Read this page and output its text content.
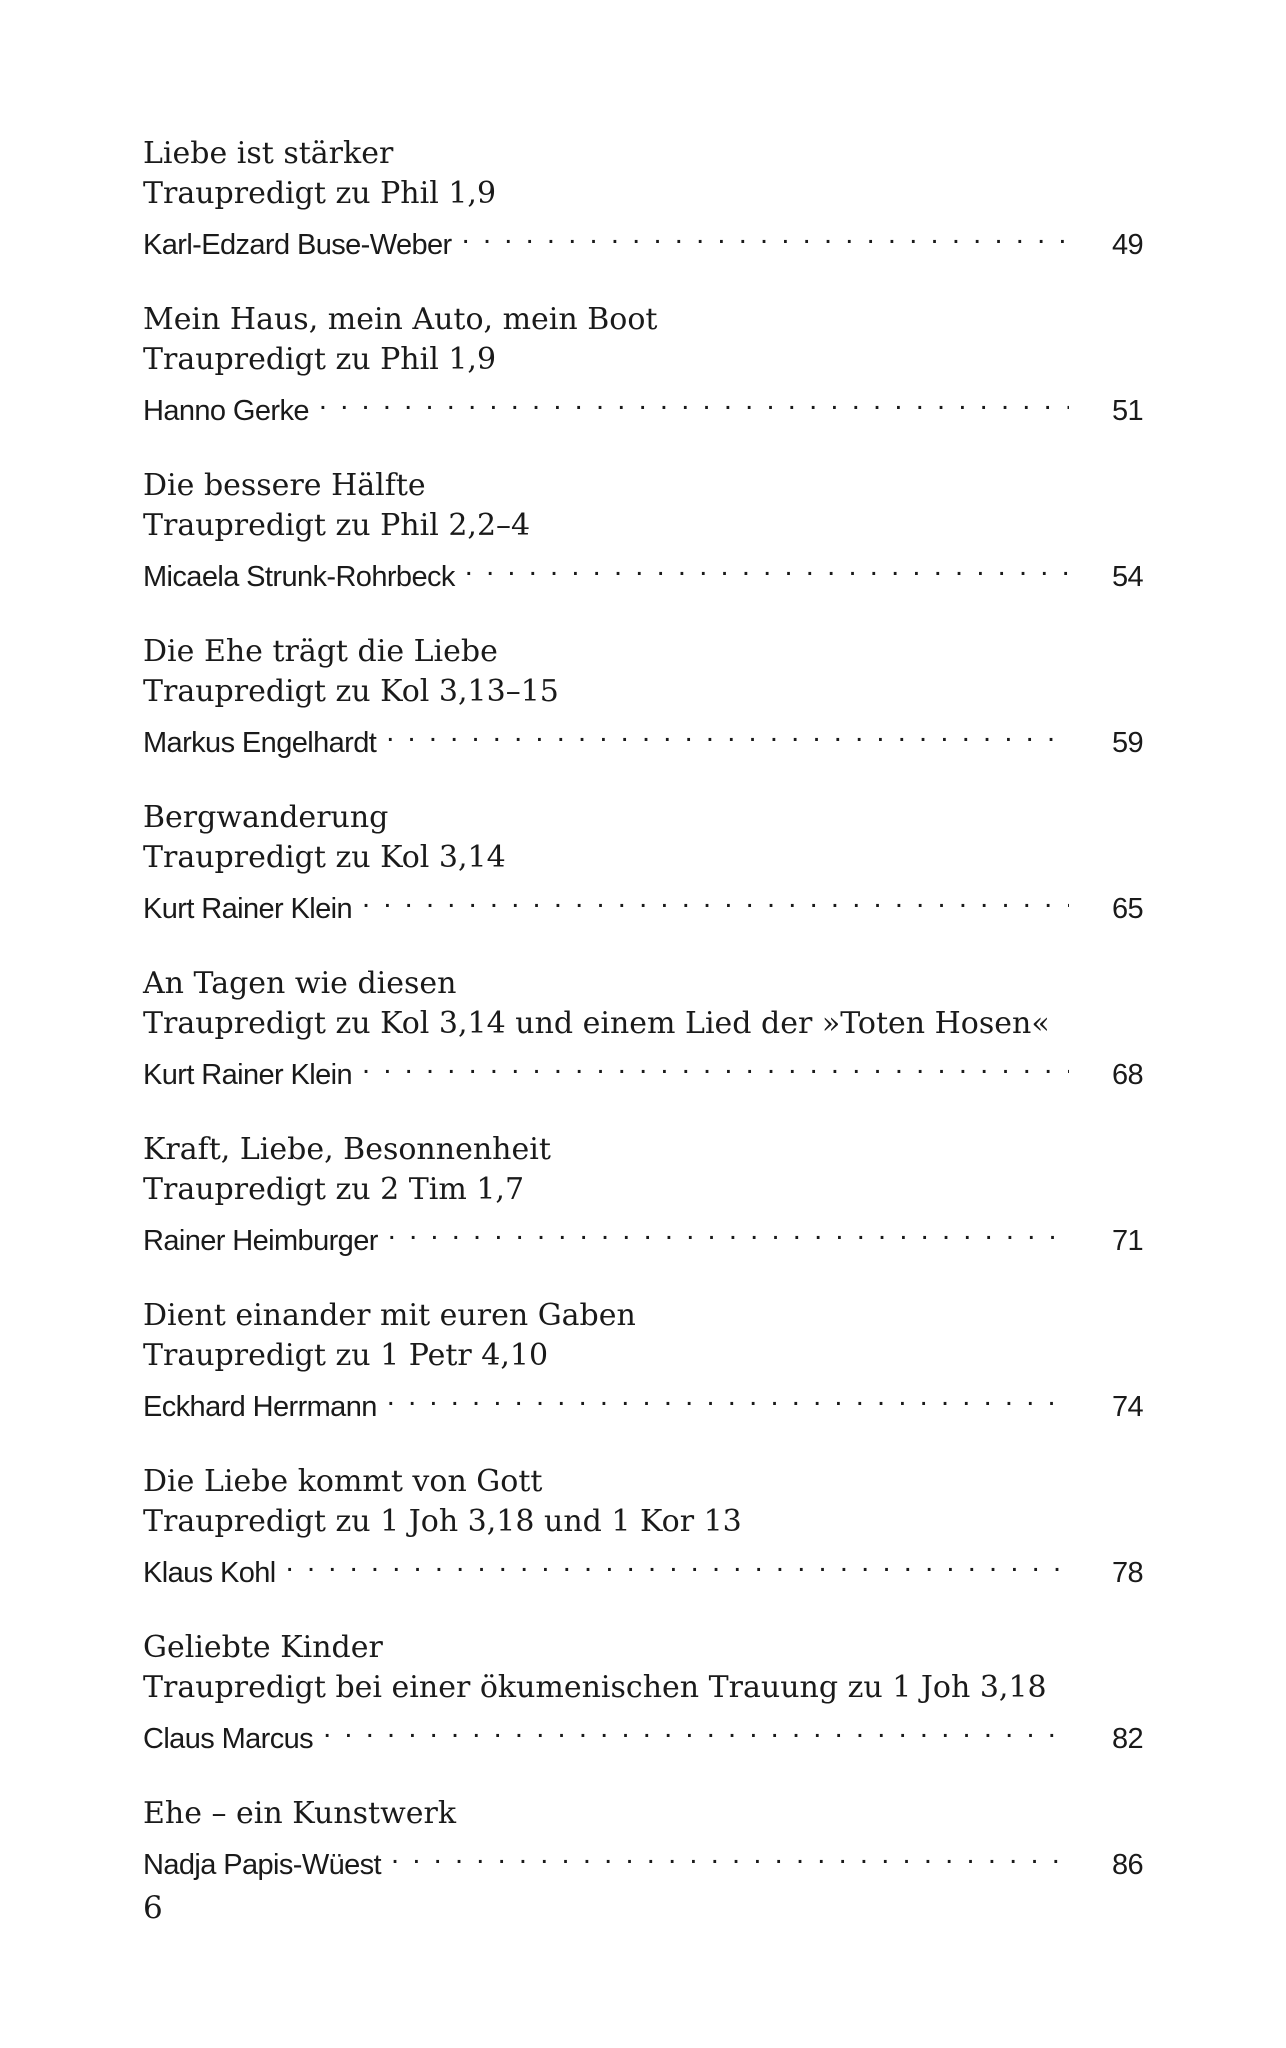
Liebe ist stärker
Traupredigt zu Phil 1,9
Karl-Edzard Buse-Weber . . .	49
Mein Haus, mein Auto, mein Boot
Traupredigt zu Phil 1,9
Hanno Gerke . . .	51
Die bessere Hälfte
Traupredigt zu Phil 2,2–4
Micaela Strunk-Rohrbeck . . .	54
Die Ehe trägt die Liebe
Traupredigt zu Kol 3,13–15
Markus Engelhardt . . .	59
Bergwanderung
Traupredigt zu Kol 3,14
Kurt Rainer Klein . . .	65
An Tagen wie diesen
Traupredigt zu Kol 3,14 und einem Lied der »Toten Hosen«
Kurt Rainer Klein . . .	68
Kraft, Liebe, Besonnenheit
Traupredigt zu 2 Tim 1,7
Rainer Heimburger . . .	71
Dient einander mit euren Gaben
Traupredigt zu 1 Petr 4,10
Eckhard Herrmann . . .	74
Die Liebe kommt von Gott
Traupredigt zu 1 Joh 3,18 und 1 Kor 13
Klaus Kohl . . .	78
Geliebte Kinder
Traupredigt bei einer ökumenischen Trauung zu 1 Joh 3,18
Claus Marcus . . .	82
Ehe – ein Kunstwerk
Nadja Papis-Wüest . . .	86
6
